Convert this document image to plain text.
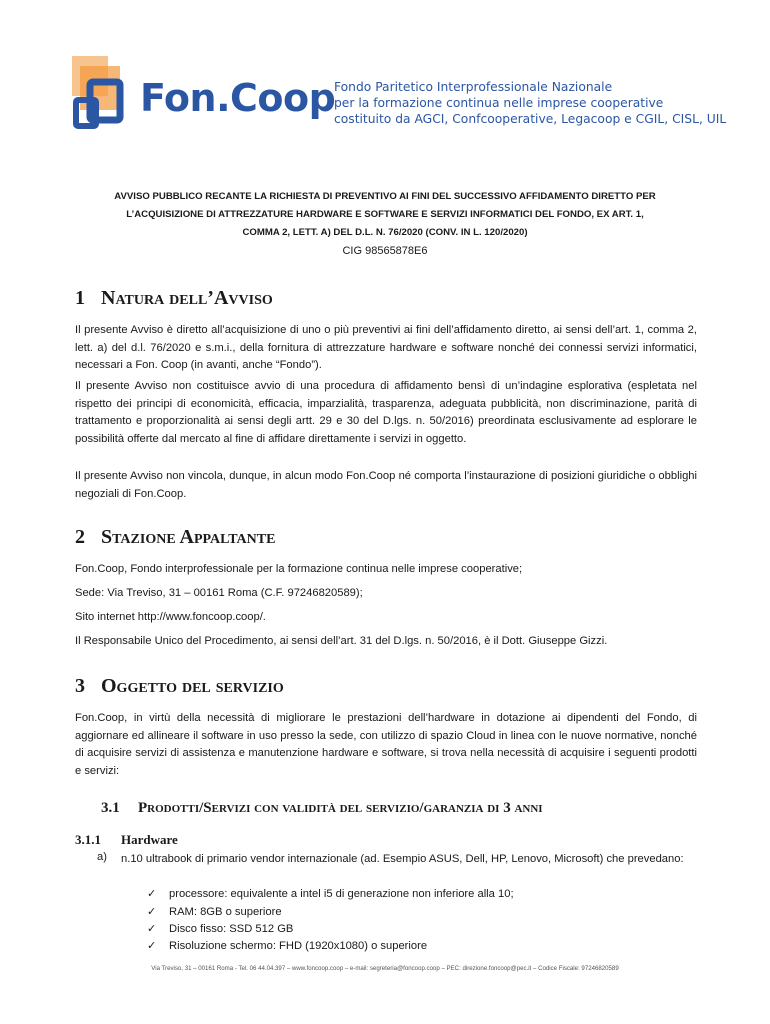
Fon.Coop
Fondo Paritetico Interprofessionale Nazionale
per la formazione continua nelle imprese cooperative
costituito da AGCI, Confcooperative, Legacoop e CGIL, CISL, UIL
AVVISO PUBBLICO RECANTE LA RICHIESTA DI PREVENTIVO AI FINI DEL SUCCESSIVO AFFIDAMENTO DIRETTO PER
L’ACQUISIZIONE DI ATTREZZATURE HARDWARE E SOFTWARE E SERVIZI INFORMATICI DEL FONDO, EX ART. 1,
COMMA 2, LETT. A) DEL D.L. N. 76/2020 (CONV. IN L. 120/2020)
CIG 98565878E6
1 Natura dell’Avviso
Il presente Avviso è diretto all’acquisizione di uno o più preventivi ai fini dell’affidamento diretto, ai sensi dell’art. 1, comma 2, lett. a) del d.l. 76/2020 e s.m.i., della fornitura di attrezzature hardware e software nonché dei connessi servizi informatici, necessari a Fon. Coop (in avanti, anche “Fondo”).
Il presente Avviso non costituisce avvio di una procedura di affidamento bensì di un’indagine esplorativa (espletata nel rispetto dei principi di economicità, efficacia, imparzialità, trasparenza, adeguata pubblicità, non discriminazione, parità di trattamento e proporzionalità ai sensi degli artt. 29 e 30 del D.lgs. n. 50/2016) preordinata esclusivamente ad esplorare le possibilità offerte dal mercato al fine di affidare direttamente i servizi in oggetto.
Il presente Avviso non vincola, dunque, in alcun modo Fon.Coop né comporta l’instaurazione di posizioni giuridiche o obblighi negoziali di Fon.Coop.
2 Stazione Appaltante
Fon.Coop, Fondo interprofessionale per la formazione continua nelle imprese cooperative;
Sede: Via Treviso, 31 – 00161 Roma (C.F. 97246820589);
Sito internet http://www.foncoop.coop/.
Il Responsabile Unico del Procedimento, ai sensi dell’art. 31 del D.lgs. n. 50/2016, è il Dott. Giuseppe Gizzi.
3 Oggetto del servizio
Fon.Coop, in virtù della necessità di migliorare le prestazioni dell’hardware in dotazione ai dipendenti del Fondo, di aggiornare ed allineare il software in uso presso la sede, con utilizzo di spazio Cloud in linea con le nuove normative, nonché di acquisire servizi di assistenza e manutenzione hardware e software, si trova nella necessità di acquisire i seguenti prodotti e servizi:
3.1 Prodotti/Servizi con validità del servizio/garanzia di 3 anni
3.1.1 Hardware
a) n.10 ultrabook di primario vendor internazionale (ad. Esempio ASUS, Dell, HP, Lenovo, Microsoft) che prevedano:
✓ processore: equivalente a intel i5 di generazione non inferiore alla 10;
✓ RAM: 8GB o superiore
✓ Disco fisso: SSD 512 GB
✓ Risoluzione schermo: FHD (1920x1080) o superiore
Via Treviso, 31 – 00161 Roma - Tel. 06 44.04.397 – www.foncoop.coop – e-mail: segreteria@foncoop.coop – PEC: direzione.foncoop@pec.it – Codice Fiscale: 97246820589
